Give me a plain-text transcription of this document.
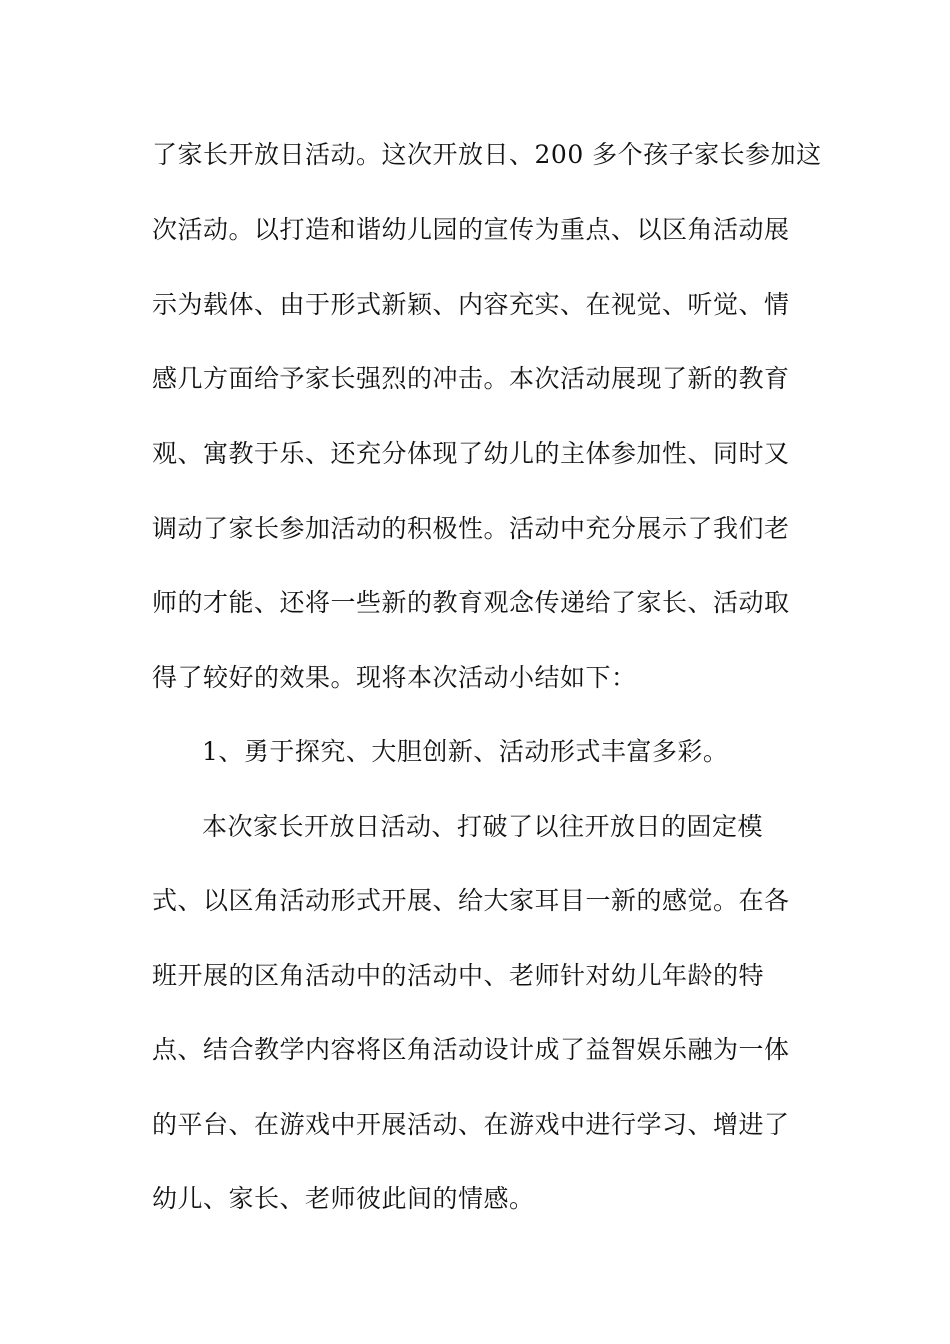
了家长开放日活动。这次开放日、200 多个孩子家长参加这

次活动。以打造和谐幼儿园的宣传为重点、以区角活动展

示为载体、由于形式新颖、内容充实、在视觉、听觉、情

感几方面给予家长强烈的冲击。本次活动展现了新的教育

观、寓教于乐、还充分体现了幼儿的主体参加性、同时又

调动了家长参加活动的积极性。活动中充分展示了我们老

师的才能、还将一些新的教育观念传递给了家长、活动取

得了较好的效果。现将本次活动小结如下：

1、勇于探究、大胆创新、活动形式丰富多彩。

本次家长开放日活动、打破了以往开放日的固定模

式、以区角活动形式开展、给大家耳目一新的感觉。在各

班开展的区角活动中的活动中、老师针对幼儿年龄的特

点、结合教学内容将区角活动设计成了益智娱乐融为一体

的平台、在游戏中开展活动、在游戏中进行学习、增进了

幼儿、家长、老师彼此间的情感。
